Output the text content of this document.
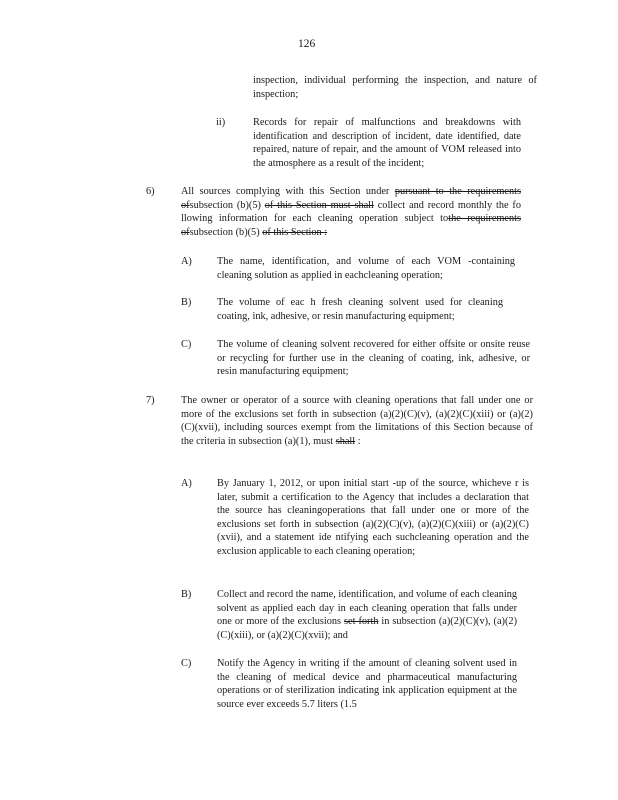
126
inspection, individual performing the inspection, and nature of inspection;
ii)	Records for repair of malfunctions and breakdowns with identification and description of incident, date identified, date repaired, nature of repair, and the amount of VOM released into the atmosphere as a result of the incident;
6)	All sources complying with this Section under pursuant to the requirements ofsubsection (b)(5) of this Section must shall collect and record monthly the fo llowing information for each cleaning operation subject tothe requirements ofsubsection (b)(5) of this Section :
A) The name, identification, and volume of each VOM -containing cleaning solution as applied in eachcleaning operation;
B) The volume of eac h fresh cleaning solvent used for cleaning coating, ink, adhesive, or resin manufacturing equipment;
C) The volume of cleaning solvent recovered for either offsite or onsite reuse or recycling for further use in the cleaning of coating, ink, adhesive, or resin manufacturing equipment;
7)	The owner or operator of a source with cleaning operations that fall under one or more of the exclusions set forth in subsection (a)(2)(C)(v), (a)(2)(C)(xiii) or (a)(2)(C)(xvii), including sources exempt from the limitations of this Section because of the criteria in subsection (a)(1), must shall :
A) By January 1, 2012, or upon initial start -up of the source, whicheve r is later, submit a certification to the Agency that includes a declaration that the source has cleaningoperations that fall under one or more of the exclusions set forth in subsection (a)(2)(C)(v), (a)(2)(C)(xiii) or (a)(2)(C)(xvii), and a statement ide ntifying each suchcleaning operation and the exclusion applicable to each cleaning operation;
B) Collect and record the name, identification, and volume of each cleaning solvent as applied each day in each cleaning operation that falls under one or more of the exclusions set forth in subsection (a)(2)(C)(v), (a)(2)(C)(xiii), or (a)(2)(C)(xvii); and
C) Notify the Agency in writing if the amount of cleaning solvent used in the cleaning of medical device and pharmaceutical manufacturing operations or of sterilization indicating ink application equipment at the source ever exceeds 5.7 liters (1.5
